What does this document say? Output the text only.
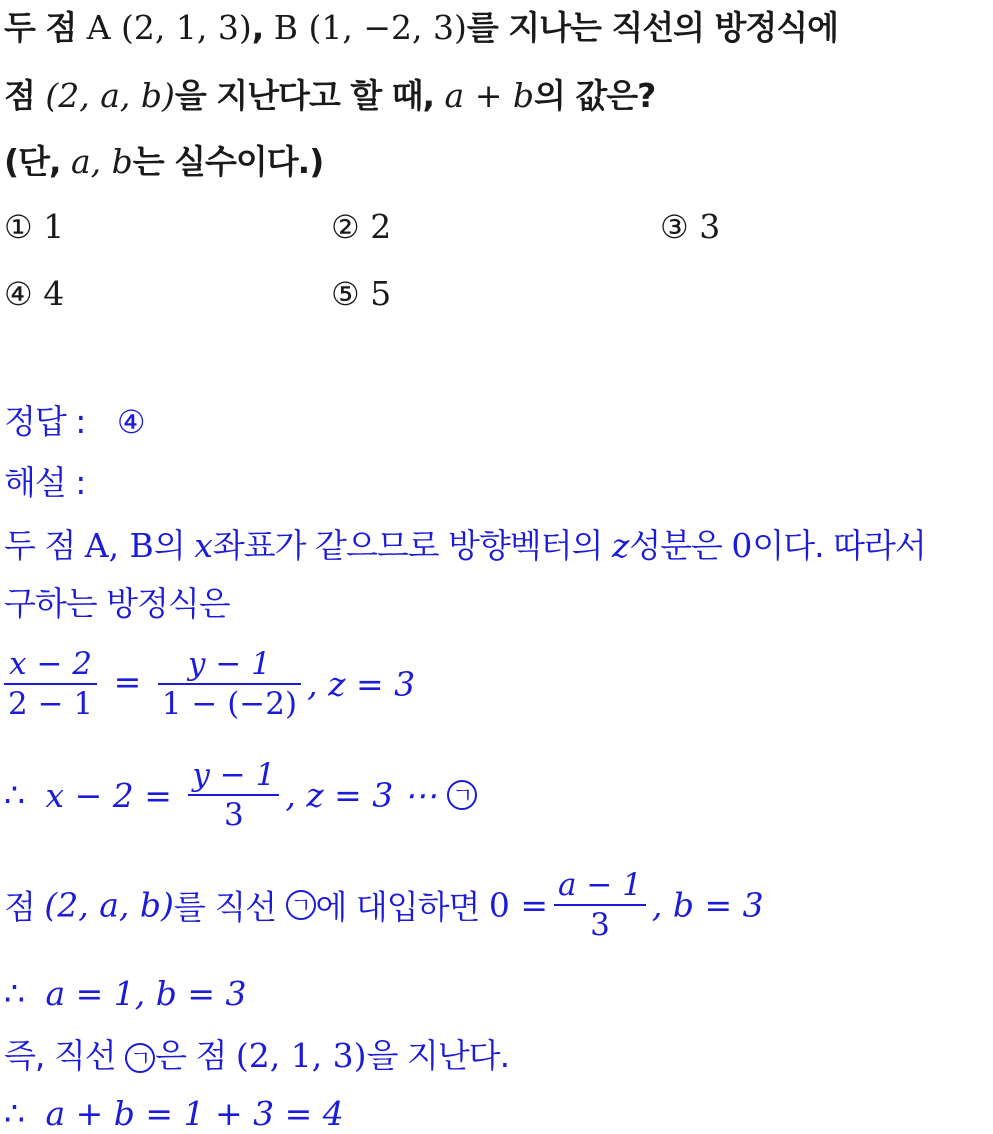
두 점 A (2, 1, 3), B (1, −2, 3)를 지나는 직선의 방정식에
점 (2, a, b)을 지난다고 할 때, a + b의 값은?
(단, a, b는 실수이다.)
① 1	② 2	③ 3
④ 4	⑤ 5
정답 : ④
해설 :
두 점 A, B의 x좌표가 같으므로 방향벡터의 z성분은 0이다. 따라서
구하는 방정식은
$\frac{x - 2}{2 - 1} = \frac{y - 1}{1 - (-2)}$ , z = 3
∴ $x - 2 = \frac{y - 1}{3}$ , z = 3 ⋯ ㄱ
점 (2, a, b)를 직선 ㄱ 에 대입하면 $0 = \frac{a - 1}{3}$ , b = 3
∴ a = 1, b = 3
즉, 직선 ㄱ 은 점 (2, 1, 3)을 지난다.
∴ a + b = 1 + 3 = 4
